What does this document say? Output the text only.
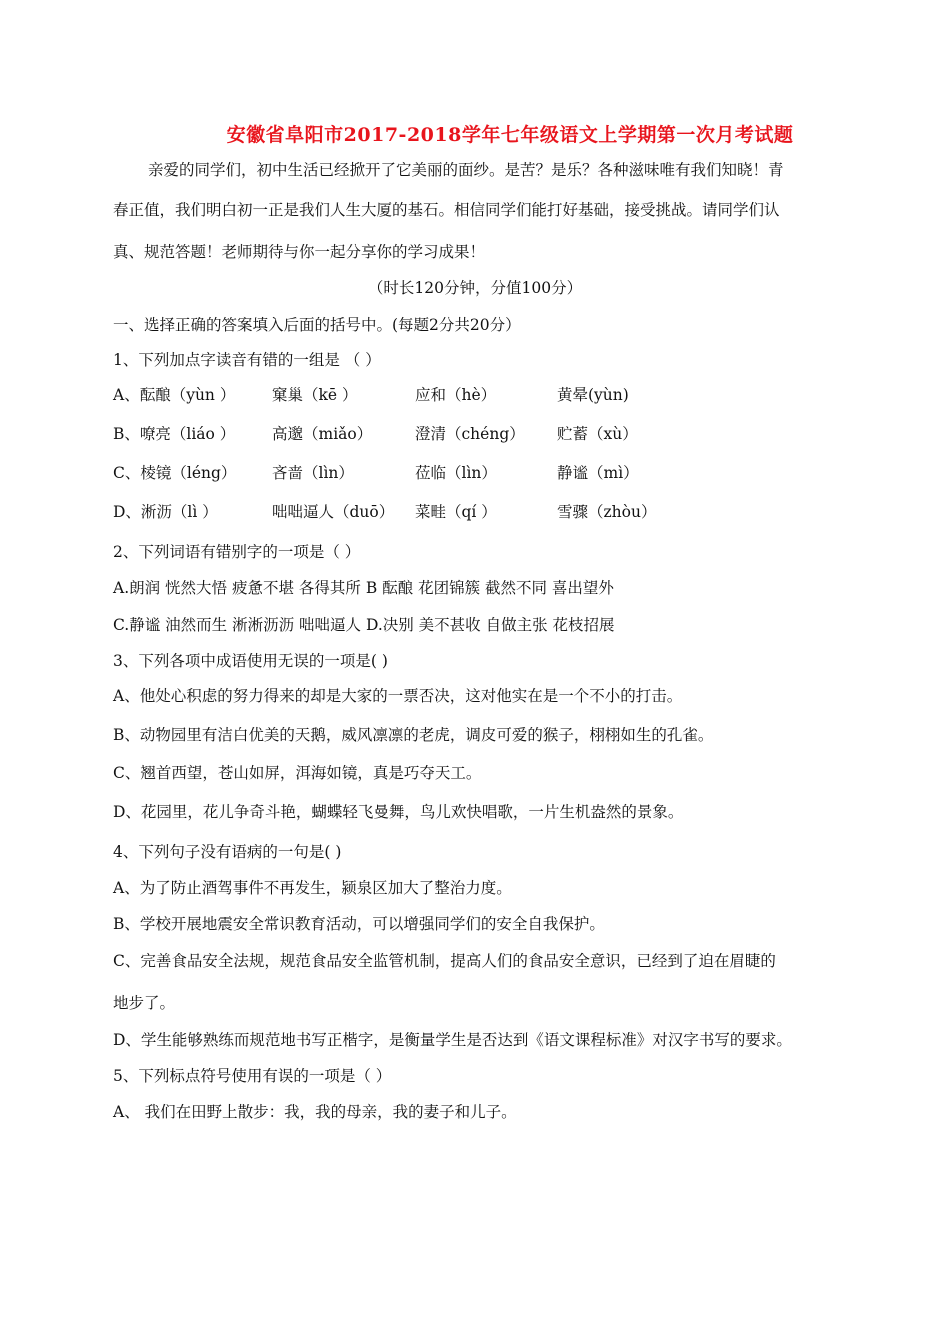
安徽省阜阳市2017-2018学年七年级语文上学期第一次月考试题
亲爱的同学们，初中生活已经掀开了它美丽的面纱。是苦？是乐？各种滋味唯有我们知晓！青
春正值，我们明白初一正是我们人生大厦的基石。相信同学们能打好基础，接受挑战。请同学们认
真、规范答题！老师期待与你一起分享你的学习成果！
（时长120分钟，分值100分）
一、选择正确的答案填入后面的括号中。(每题2分共20分）
1、下列加点字读音有错的一组是 （ ）
A、酝酿（yùn ） 窠巢（kē ）	应和（hè）	黄晕(yùn)
B、嘹亮（liáo ） 高邈（miǎo）	澄清（chéng） 贮蓄（xù）
C、棱镜（léng） 吝啬（lìn）	莅临（lìn）	静谧（mì）
D、淅沥（lì ）	咄咄逼人（duō） 菜畦（qí ）	雪骤（zhòu）
2、下列词语有错别字的一项是（ ）
A.朗润 恍然大悟 疲惫不堪 各得其所 B 酝酿 花团锦簇 截然不同 喜出望外
C.静谧 油然而生 淅淅沥沥 咄咄逼人 D.决别 美不甚收 自做主张 花枝招展
3、下列各项中成语使用无误的一项是( )
A、他处心积虑的努力得来的却是大家的一票否决，这对他实在是一个不小的打击。
B、动物园里有洁白优美的天鹅，威风凛凛的老虎，调皮可爱的猴子，栩栩如生的孔雀。
C、翘首西望，苍山如屏，洱海如镜，真是巧夺天工。
D、花园里，花儿争奇斗艳，蝴蝶轻飞曼舞，鸟儿欢快唱歌，一片生机盎然的景象。
4、下列句子没有语病的一句是( )
A、为了防止酒驾事件不再发生，颍泉区加大了整治力度。
B、学校开展地震安全常识教育活动，可以增强同学们的安全自我保护。
C、完善食品安全法规，规范食品安全监管机制，提高人们的食品安全意识，已经到了迫在眉睫的
地步了。
D、学生能够熟练而规范地书写正楷字，是衡量学生是否达到《语文课程标准》对汉字书写的要求。
5、下列标点符号使用有误的一项是（ ）
A、 我们在田野上散步：我，我的母亲，我的妻子和儿子。
